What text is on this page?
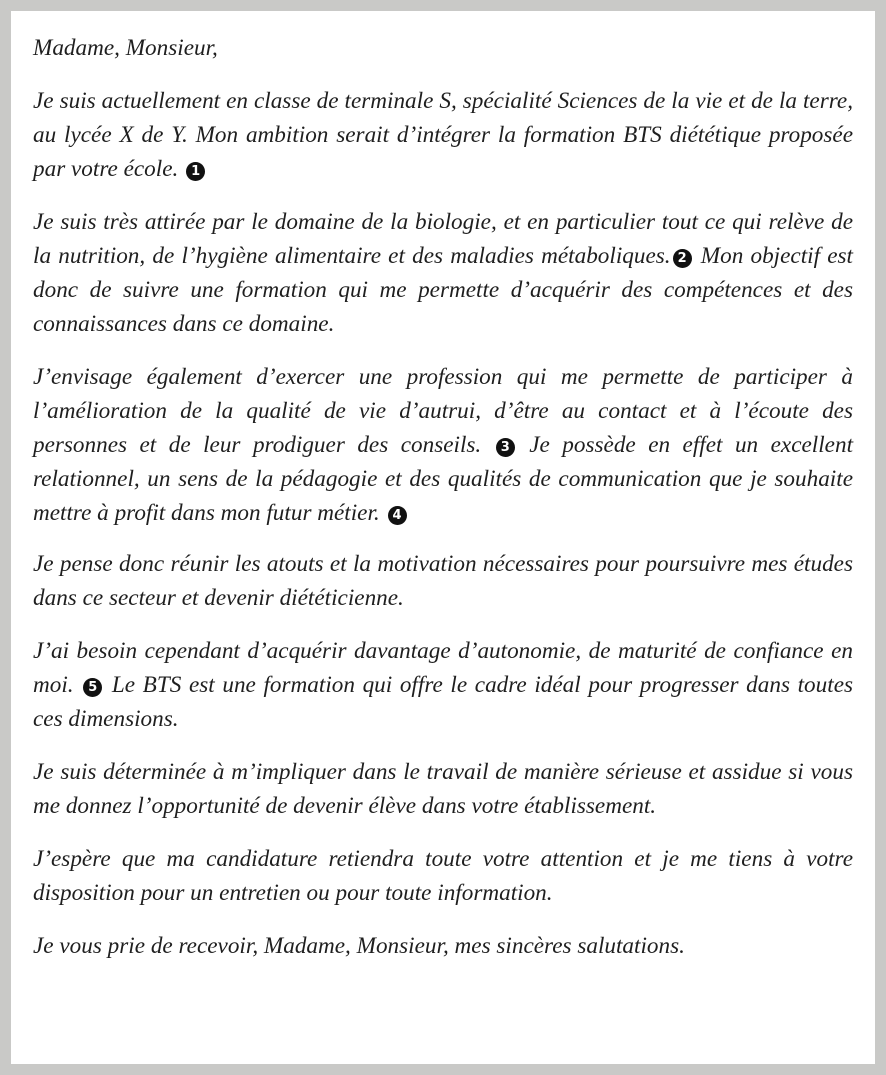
Madame, Monsieur,

Je suis actuellement en classe de terminale S, spécialité Sciences de la vie et de la terre, au lycée X de Y. Mon ambition serait d’intégrer la formation BTS diététique proposée par votre école. 1

Je suis très attirée par le domaine de la biologie, et en particulier tout ce qui relève de la nutrition, de l’hygiène alimentaire et des maladies métaboliques. 2 Mon objectif est donc de suivre une formation qui me permette d’acquérir des compétences et des connaissances dans ce domaine.

J’envisage également d’exercer une profession qui me permette de participer à l’amélioration de la qualité de vie d’autrui, d’être au contact et à l’écoute des personnes et de leur prodiguer des conseils. 3 Je possède en effet un excellent relationnel, un sens de la pédagogie et des qualités de communication que je souhaite mettre à profit dans mon futur métier. 4

Je pense donc réunir les atouts et la motivation nécessaires pour poursuivre mes études dans ce secteur et devenir diététicienne.

J’ai besoin cependant d’acquérir davantage d’autonomie, de maturité de confiance en moi. 5 Le BTS est une formation qui offre le cadre idéal pour progresser dans toutes ces dimensions.

Je suis déterminée à m’impliquer dans le travail de manière sérieuse et assidue si vous me donnez l’opportunité de devenir élève dans votre établissement.

J’espère que ma candidature retiendra toute votre attention et je me tiens à votre disposition pour un entretien ou pour toute information.

Je vous prie de recevoir, Madame, Monsieur, mes sincères salutations.
